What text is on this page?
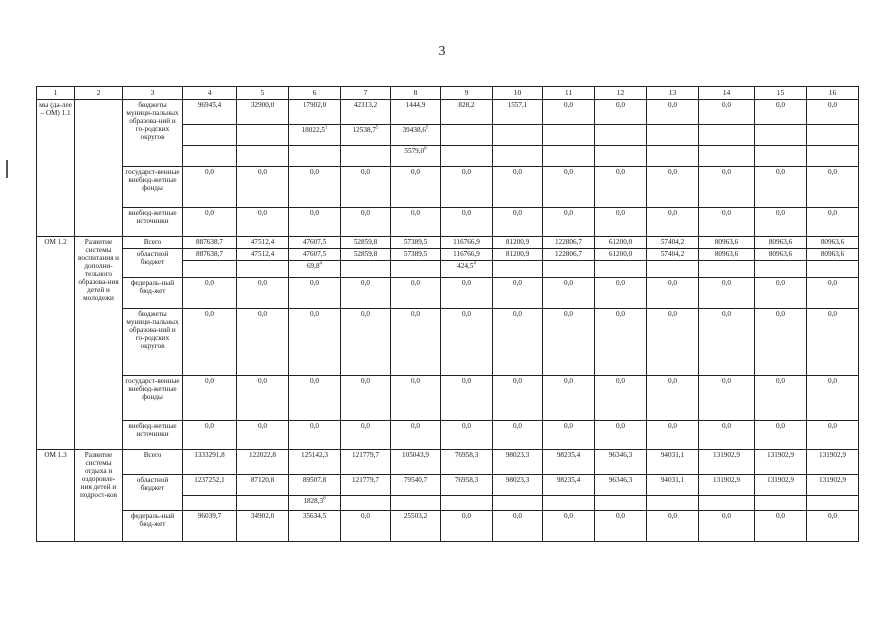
3
1	2	3	4	5	6	7	8	9	10	11	12	13	14	15	16
мы (да-лее – ОМ) 1.1		бюджеты муници-пальных образова-ний и го-родских округов	96945,4	32900,0	17902,0	42313,2	1444,9	828,2	1557,1	0,0	0,0	0,0	0,0	0,0	0,0
					18022,5$^1$	12538,7$^5$	39438,6$^5$								
							5579,0$^6$								
		государст-венные внебюд-жетные фонды	0,0	0,0	0,0	0,0	0,0	0,0	0,0	0,0	0,0	0,0	0,0	0,0	0,0
		внебюд-жетные источники	0,0	0,0	0,0	0,0	0,0	0,0	0,0	0,0	0,0	0,0	0,0	0,0	0,0
ОМ 1.2	Развитие системы воспитания и дополни-тельного образова-ния детей и молодежи	Всего	887638,7	47512,4	47607,5	52859,8	57389,5	116766,9	81200,9	122806,7	61200,0	57404,2	80963,6	80963,6	80963,6
		областной бюджет	887638,7	47512,4	47607,5	52859,8	57389,5	116766,9	81200,9	122806,7	61200,0	57404,2	80963,6	80963,6	80963,6
					69,8$^4$			424,5$^4$							
		федераль-ный бюд-жет	0,0	0,0	0,0	0,0	0,0	0,0	0,0	0,0	0,0	0,0	0,0	0,0	0,0
		бюджеты муници-пальных образова-ний и го-родских округов	0,0	0,0	0,0	0,0	0,0	0,0	0,0	0,0	0,0	0,0	0,0	0,0	0,0
		государст-венные внебюд-жетные фонды	0,0	0,0	0,0	0,0	0,0	0,0	0,0	0,0	0,0	0,0	0,0	0,0	0,0
		внебюд-жетные источники	0,0	0,0	0,0	0,0	0,0	0,0	0,0	0,0	0,0	0,0	0,0	0,0	0,0
ОМ 1.3	Развитие системы отдыха и оздоровле-ния детей и подрост-ков	Всего	1333291,8	122022,8	125142,3	121779,7	105043,9	76958,3	98023,3	98235,4	96346,3	94031,1	131902,9	131902,9	131902,9
		областной бюджет	1237252,1	87120,8	89507,8	121779,7	79540,7	76958,3	98023,3	98235,4	96346,3	94031,1	131902,9	131902,9	131902,9
					1828,3$^6$										
		федераль-ный бюд-жет	96039,7	34902,0	35634,5	0,0	25503,2	0,0	0,0	0,0	0,0	0,0	0,0	0,0	0,0
